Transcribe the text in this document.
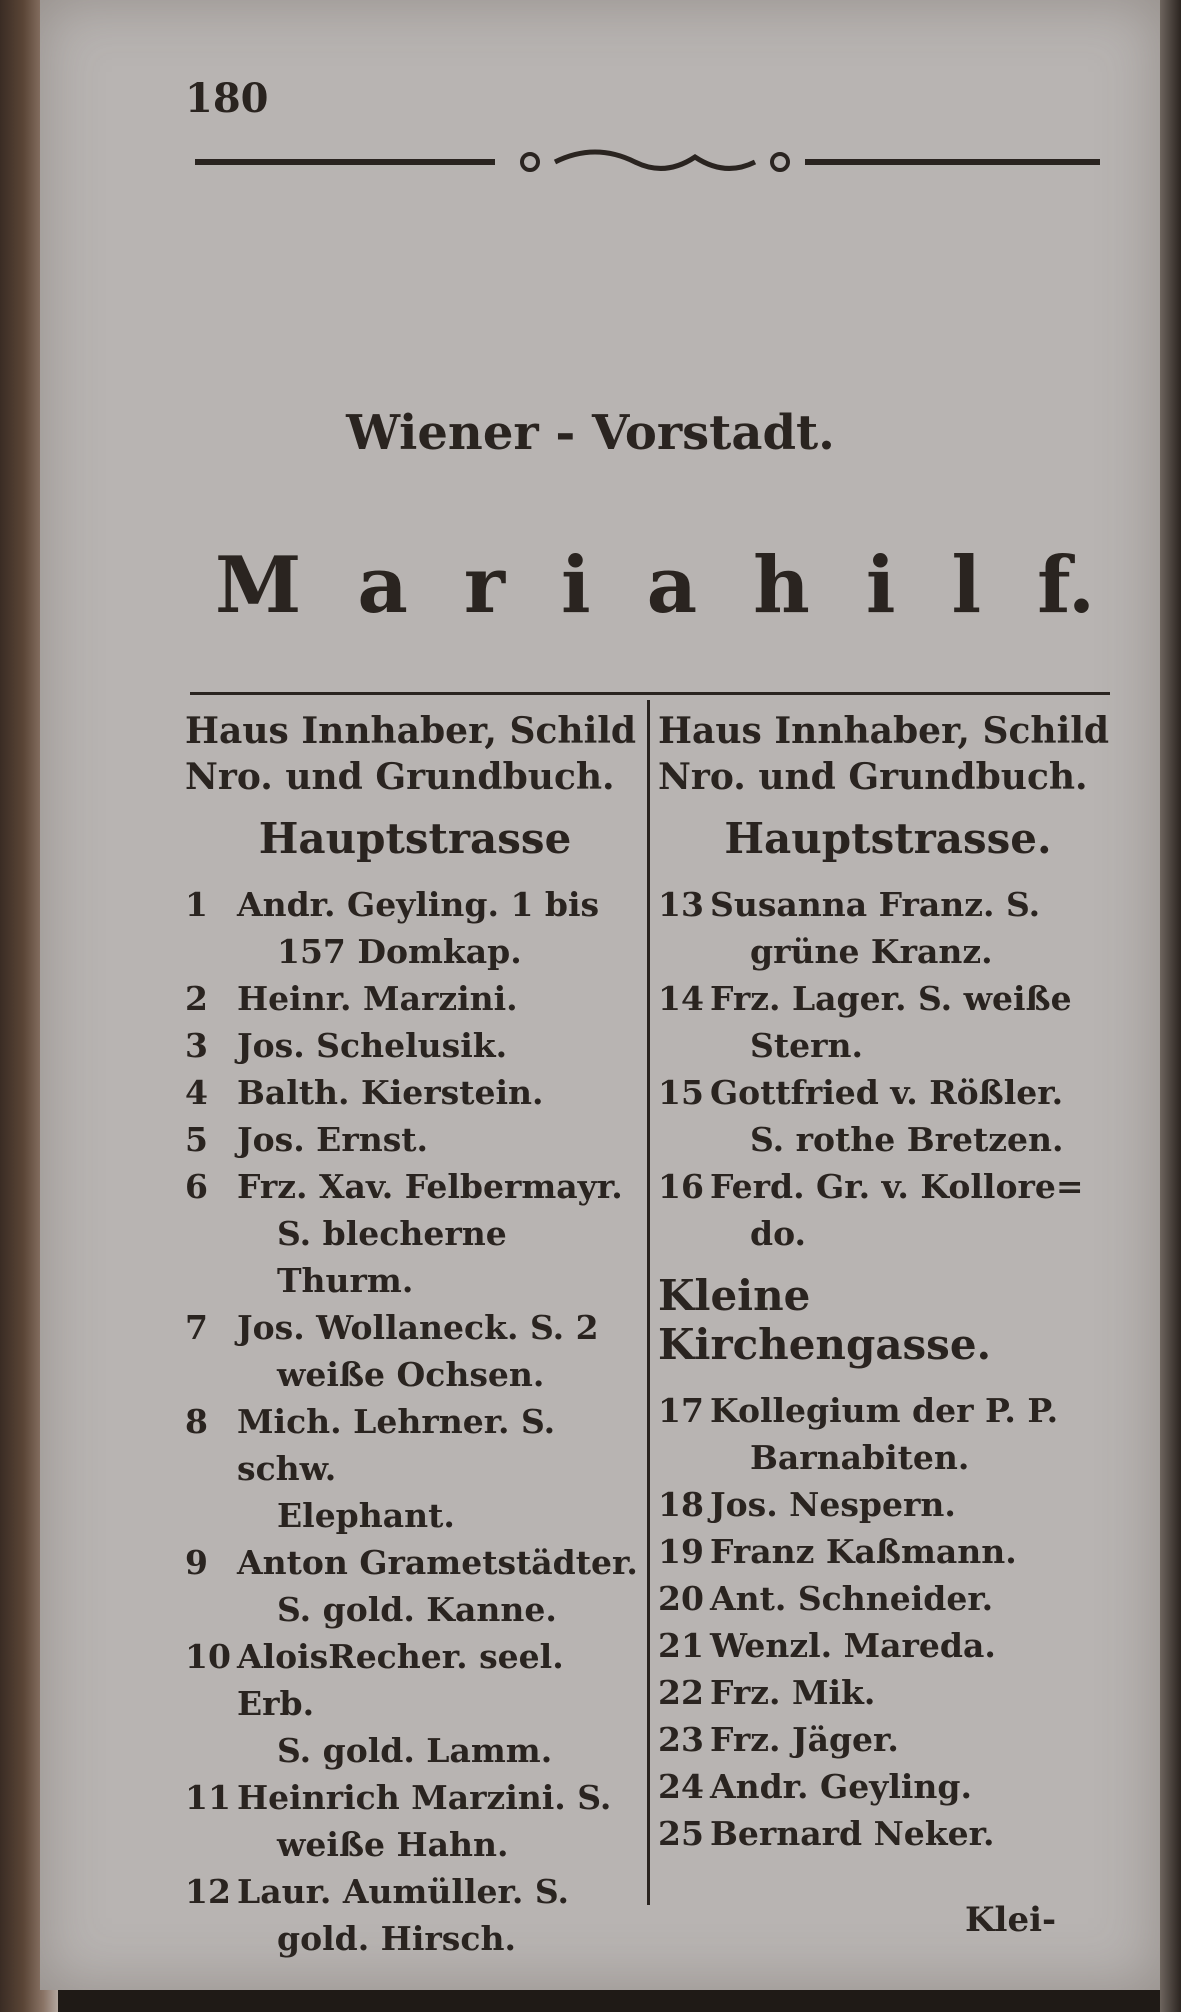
180
Wiener - Vorstadt.
M a r i a h i l f.
Haus Innhaber, Schild
Nro. und Grundbuch.
Hauptstrasse
1 Andr. Geyling. 1 bis
157 Domkap.
2 Heinr. Marzini.
3 Jos. Schelusik.
4 Balth. Kierstein.
5 Jos. Ernst.
6 Frz. Xav. Felbermayr.
S. blecherne Thurm.
7 Jos. Wollaneck. S. 2
weiße Ochsen.
8 Mich. Lehrner. S. schw.
Elephant.
9 Anton Grametstädter.
S. gold. Kanne.
10 AloisRecher. seel. Erb.
S. gold. Lamm.
11 Heinrich Marzini. S.
weiße Hahn.
12 Laur. Aumüller. S.
gold. Hirsch.
Haus Innhaber, Schild
Nro. und Grundbuch.
Hauptstrasse.
13 Susanna Franz. S.
grüne Kranz.
14 Frz. Lager. S. weiße
Stern.
15 Gottfried v. Rößler.
S. rothe Bretzen.
16 Ferd. Gr. v. Kollore=
do.
Kleine Kirchengasse.
17 Kollegium der P. P.
Barnabiten.
18 Jos. Nespern.
19 Franz Kaßmann.
20 Ant. Schneider.
21 Wenzl. Mareda.
22 Frz. Mik.
23 Frz. Jäger.
24 Andr. Geyling.
25 Bernard Neker.
Klei-
